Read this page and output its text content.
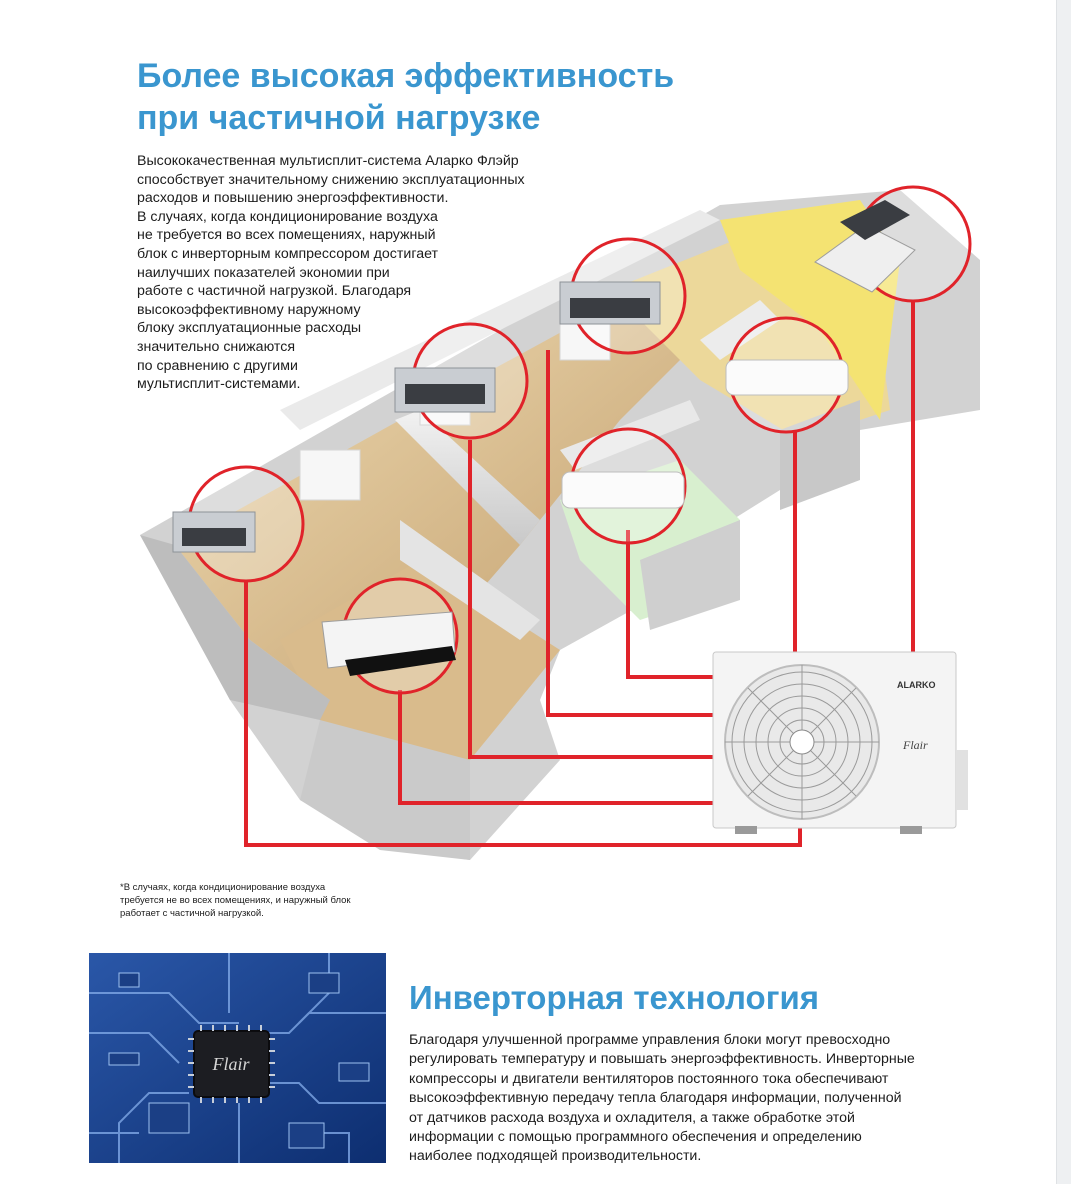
Более высокая эффективность
при частичной нагрузке
ALARKO
Flair
Высококачественная мультисплит-система Аларко Флэйр
способствует значительному снижению эксплуатационных
расходов и повышению энергоэффективности.
В случаях, когда кондиционирование воздуха
не требуется во всех помещениях, наружный
блок с инверторным компрессором достигает
наилучших показателей экономии при
работе с частичной нагрузкой. Благодаря
высокоэффективному наружному
блоку эксплуатационные расходы
значительно снижаются
по сравнению с другими
мультисплит-системами.
*В случаях, когда кондиционирование воздуха
требуется не во всех помещениях, и наружный блок
работает с частичной нагрузкой.
Flair
Инверторная технология
Благодаря улучшенной программе управления блоки могут превосходно
регулировать температуру и повышать энергоэффективность. Инверторные
компрессоры и двигатели вентиляторов постоянного тока обеспечивают
высокоэффективную передачу тепла благодаря информации, полученной
от датчиков расхода воздуха и охладителя, а также обработке этой
информации с помощью программного обеспечения и определению
наиболее подходящей производительности.
